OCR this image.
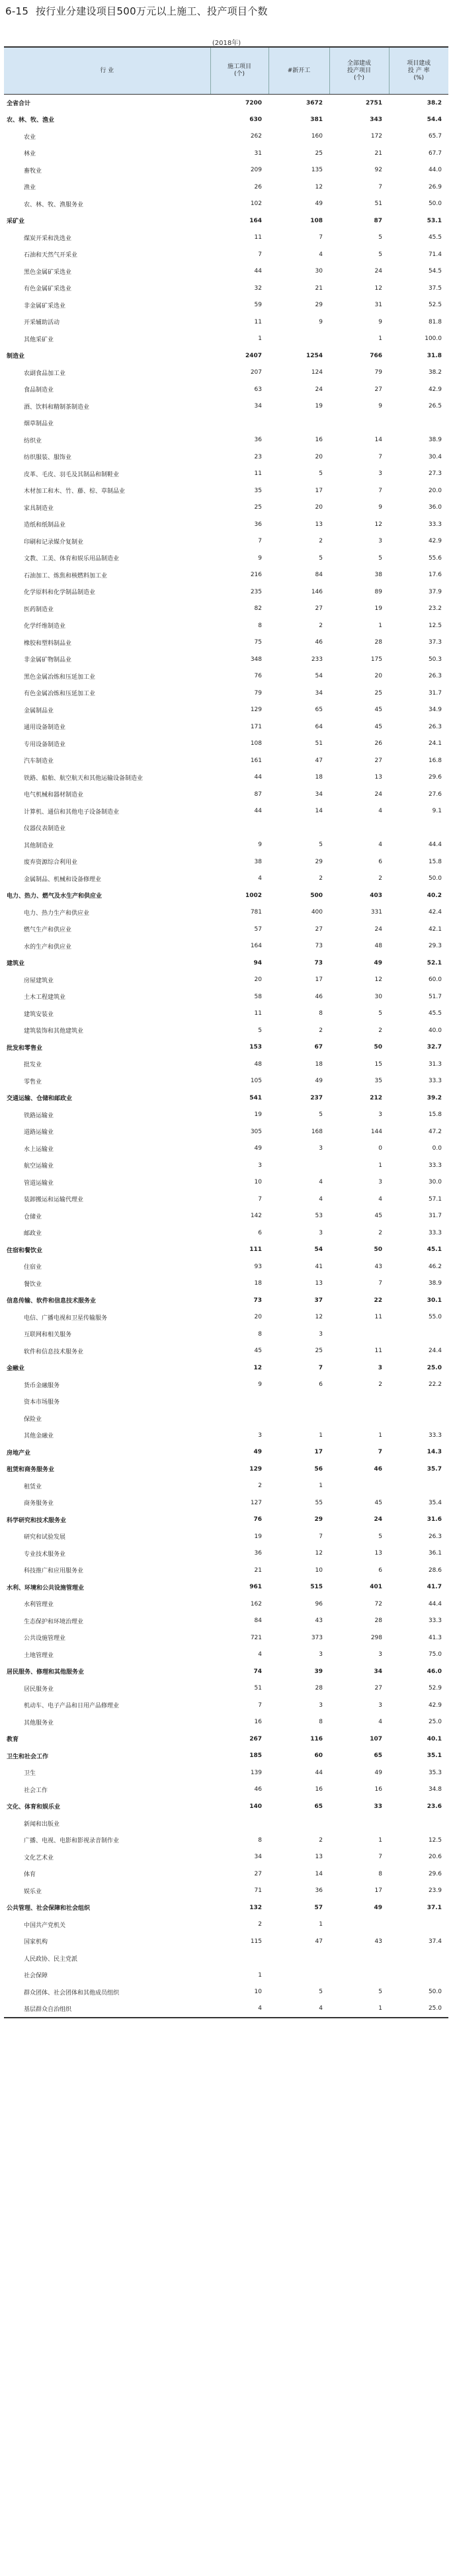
6-15 按行业分建设项目500万元以上施工、投产项目个数
(2018年)
行 业	施工项目
(个)	#新开工	全部建成
投产项目
(个)	项目建成
投 产 率
(%)
全省合计	7200	3672	2751	38.2
农、林、牧、渔业	630	381	343	54.4
农业	262	160	172	65.7
林业	31	25	21	67.7
畜牧业	209	135	92	44.0
渔业	26	12	7	26.9
农、林、牧、渔服务业	102	49	51	50.0
采矿业	164	108	87	53.1
煤炭开采和洗选业	11	7	5	45.5
石油和天然气开采业	7	4	5	71.4
黑色金属矿采选业	44	30	24	54.5
有色金属矿采选业	32	21	12	37.5
非金属矿采选业	59	29	31	52.5
开采辅助活动	11	9	9	81.8
其他采矿业	1		1	100.0
制造业	2407	1254	766	31.8
农副食品加工业	207	124	79	38.2
食品制造业	63	24	27	42.9
酒、饮料和精制茶制造业	34	19	9	26.5
烟草制品业				
纺织业	36	16	14	38.9
纺织服装、服饰业	23	20	7	30.4
皮革、毛皮、羽毛及其制品和制鞋业	11	5	3	27.3
木材加工和木、竹、藤、棕、草制品业	35	17	7	20.0
家具制造业	25	20	9	36.0
造纸和纸制品业	36	13	12	33.3
印刷和记录媒介复制业	7	2	3	42.9
文教、工美、体育和娱乐用品制造业	9	5	5	55.6
石油加工、炼焦和核燃料加工业	216	84	38	17.6
化学原料和化学制品制造业	235	146	89	37.9
医药制造业	82	27	19	23.2
化学纤维制造业	8	2	1	12.5
橡胶和塑料制品业	75	46	28	37.3
非金属矿物制品业	348	233	175	50.3
黑色金属冶炼和压延加工业	76	54	20	26.3
有色金属冶炼和压延加工业	79	34	25	31.7
金属制品业	129	65	45	34.9
通用设备制造业	171	64	45	26.3
专用设备制造业	108	51	26	24.1
汽车制造业	161	47	27	16.8
铁路、船舶、航空航天和其他运输设备制造业	44	18	13	29.6
电气机械和器材制造业	87	34	24	27.6
计算机、通信和其他电子设备制造业	44	14	4	9.1
仪器仪表制造业				
其他制造业	9	5	4	44.4
废弃资源综合利用业	38	29	6	15.8
金属制品、机械和设备修理业	4	2	2	50.0
电力、热力、燃气及水生产和供应业	1002	500	403	40.2
电力、热力生产和供应业	781	400	331	42.4
燃气生产和供应业	57	27	24	42.1
水的生产和供应业	164	73	48	29.3
建筑业	94	73	49	52.1
房屋建筑业	20	17	12	60.0
土木工程建筑业	58	46	30	51.7
建筑安装业	11	8	5	45.5
建筑装饰和其他建筑业	5	2	2	40.0
批发和零售业	153	67	50	32.7
批发业	48	18	15	31.3
零售业	105	49	35	33.3
交通运输、仓储和邮政业	541	237	212	39.2
铁路运输业	19	5	3	15.8
道路运输业	305	168	144	47.2
水上运输业	49	3	0	0.0
航空运输业	3		1	33.3
管道运输业	10	4	3	30.0
装卸搬运和运输代理业	7	4	4	57.1
仓储业	142	53	45	31.7
邮政业	6	3	2	33.3
住宿和餐饮业	111	54	50	45.1
住宿业	93	41	43	46.2
餐饮业	18	13	7	38.9
信息传输、软件和信息技术服务业	73	37	22	30.1
电信、广播电视和卫星传输服务	20	12	11	55.0
互联网和相关服务	8	3		
软件和信息技术服务业	45	25	11	24.4
金融业	12	7	3	25.0
货币金融服务	9	6	2	22.2
资本市场服务				
保险业				
其他金融业	3	1	1	33.3
房地产业	49	17	7	14.3
租赁和商务服务业	129	56	46	35.7
租赁业	2	1		
商务服务业	127	55	45	35.4
科学研究和技术服务业	76	29	24	31.6
研究和试验发展	19	7	5	26.3
专业技术服务业	36	12	13	36.1
科技推广和应用服务业	21	10	6	28.6
水利、环境和公共设施管理业	961	515	401	41.7
水利管理业	162	96	72	44.4
生态保护和环境治理业	84	43	28	33.3
公共设施管理业	721	373	298	41.3
土地管理业	4	3	3	75.0
居民服务、修理和其他服务业	74	39	34	46.0
居民服务业	51	28	27	52.9
机动车、电子产品和日用产品修理业	7	3	3	42.9
其他服务业	16	8	4	25.0
教育	267	116	107	40.1
卫生和社会工作	185	60	65	35.1
卫生	139	44	49	35.3
社会工作	46	16	16	34.8
文化、体育和娱乐业	140	65	33	23.6
新闻和出版业				
广播、电视、电影和影视录音制作业	8	2	1	12.5
文化艺术业	34	13	7	20.6
体育	27	14	8	29.6
娱乐业	71	36	17	23.9
公共管理、社会保障和社会组织	132	57	49	37.1
中国共产党机关	2	1		
国家机构	115	47	43	37.4
人民政协、民主党派				
社会保障	1			
群众团体、社会团体和其他成员组织	10	5	5	50.0
基层群众自治组织	4	4	1	25.0
